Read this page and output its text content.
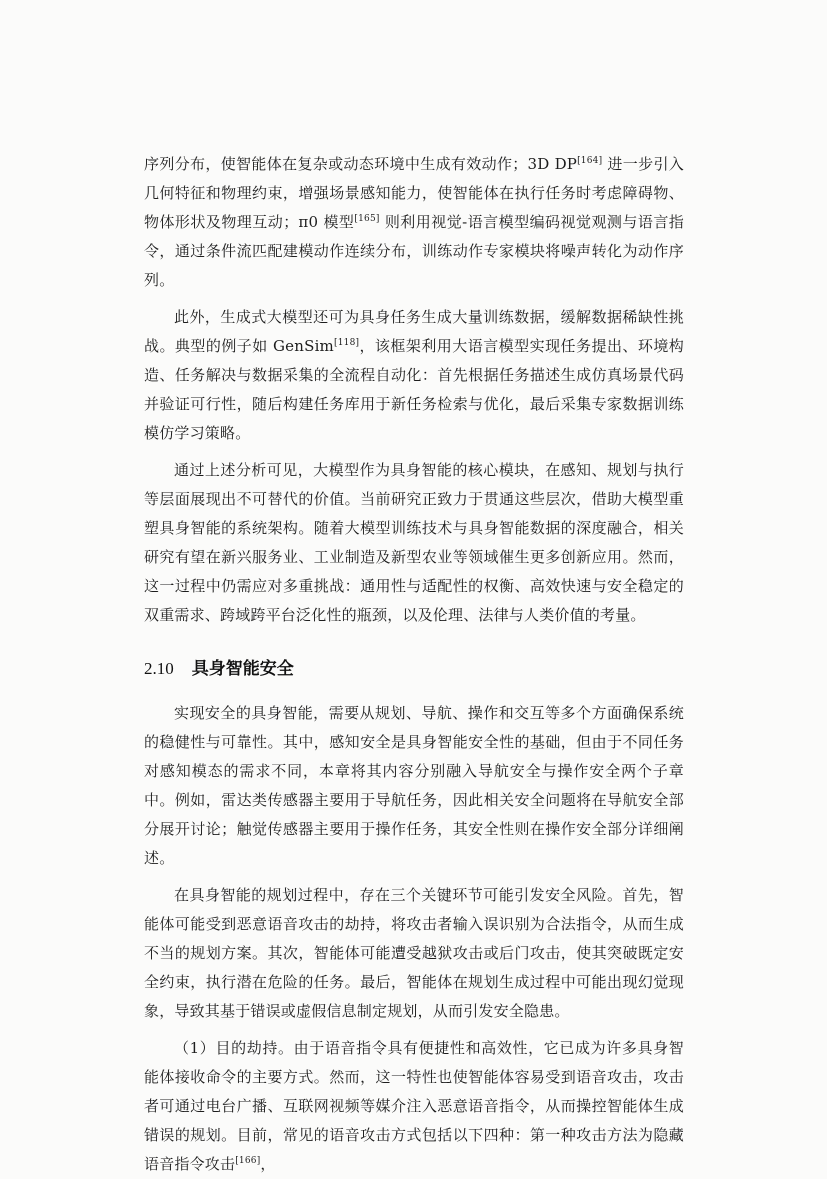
序列分布，使智能体在复杂或动态环境中生成有效动作；3D DP[164] 进一步引入几何特征和物理约束，增强场景感知能力，使智能体在执行任务时考虑障碍物、物体形状及物理互动；π0 模型[165] 则利用视觉-语言模型编码视觉观测与语言指令，通过条件流匹配建模动作连续分布，训练动作专家模块将噪声转化为动作序列。

此外，生成式大模型还可为具身任务生成大量训练数据，缓解数据稀缺性挑战。典型的例子如 GenSim[118]，该框架利用大语言模型实现任务提出、环境构造、任务解决与数据采集的全流程自动化：首先根据任务描述生成仿真场景代码并验证可行性，随后构建任务库用于新任务检索与优化，最后采集专家数据训练模仿学习策略。

通过上述分析可见，大模型作为具身智能的核心模块，在感知、规划与执行等层面展现出不可替代的价值。当前研究正致力于贯通这些层次，借助大模型重塑具身智能的系统架构。随着大模型训练技术与具身智能数据的深度融合，相关研究有望在新兴服务业、工业制造及新型农业等领域催生更多创新应用。然而，这一过程中仍需应对多重挑战：通用性与适配性的权衡、高效快速与安全稳定的双重需求、跨域跨平台泛化性的瓶颈，以及伦理、法律与人类价值的考量。

2.10 具身智能安全

实现安全的具身智能，需要从规划、导航、操作和交互等多个方面确保系统的稳健性与可靠性。其中，感知安全是具身智能安全性的基础，但由于不同任务对感知模态的需求不同，本章将其内容分别融入导航安全与操作安全两个子章中。例如，雷达类传感器主要用于导航任务，因此相关安全问题将在导航安全部分展开讨论；触觉传感器主要用于操作任务，其安全性则在操作安全部分详细阐述。

在具身智能的规划过程中，存在三个关键环节可能引发安全风险。首先，智能体可能受到恶意语音攻击的劫持，将攻击者输入误识别为合法指令，从而生成不当的规划方案。其次，智能体可能遭受越狱攻击或后门攻击，使其突破既定安全约束，执行潜在危险的任务。最后，智能体在规划生成过程中可能出现幻觉现象，导致其基于错误或虚假信息制定规划，从而引发安全隐患。

（1）目的劫持。由于语音指令具有便捷性和高效性，它已成为许多具身智能体接收命令的主要方式。然而，这一特性也使智能体容易受到语音攻击，攻击者可通过电台广播、互联网视频等媒介注入恶意语音指令，从而操控智能体生成错误的规划。目前，常见的语音攻击方式包括以下四种：第一种攻击方法为隐藏语音指令攻击[166]，
